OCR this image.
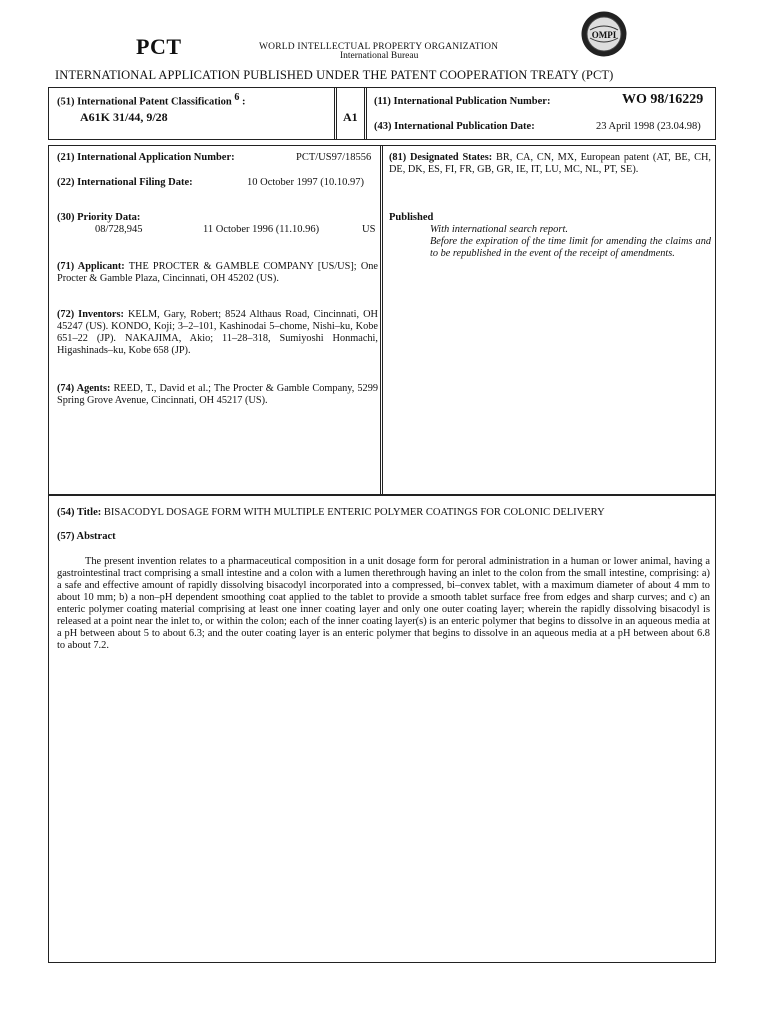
PCT	WORLD INTELLECTUAL PROPERTY ORGANIZATION
International Bureau
OMPI
INTERNATIONAL APPLICATION PUBLISHED UNDER THE PATENT COOPERATION TREATY (PCT)
(51) International Patent Classification $^6$ :
A61K 31/44, 9/28	A1
(11) International Publication Number:	WO 98/16229
(43) International Publication Date:	23 April 1998 (23.04.98)
(21) International Application Number:	PCT/US97/18556
(22) International Filing Date:	10 October 1997 (10.10.97)
(30) Priority Data:
08/728,945	11 October 1996 (11.10.96)	US
(71) Applicant: THE PROCTER & GAMBLE COMPANY [US/US]; One Procter & Gamble Plaza, Cincinnati, OH 45202 (US).
(72) Inventors: KELM, Gary, Robert; 8524 Althaus Road, Cincinnati, OH 45247 (US). KONDO, Koji; 3–2–101, Kashinodai 5–chome, Nishi–ku, Kobe 651–22 (JP). NAKAJIMA, Akio; 11–28–318, Sumiyoshi Honmachi, Higashinads–ku, Kobe 658 (JP).
(74) Agents: REED, T., David et al.; The Procter & Gamble Company, 5299 Spring Grove Avenue, Cincinnati, OH 45217 (US).
(81) Designated States: BR, CA, CN, MX, European patent (AT, BE, CH, DE, DK, ES, FI, FR, GB, GR, IE, IT, LU, MC, NL, PT, SE).
Published
With international search report.
Before the expiration of the time limit for amending the claims and to be republished in the event of the receipt of amendments.
(54) Title: BISACODYL DOSAGE FORM WITH MULTIPLE ENTERIC POLYMER COATINGS FOR COLONIC DELIVERY
(57) Abstract
The present invention relates to a pharmaceutical composition in a unit dosage form for peroral administration in a human or lower animal, having a gastrointestinal tract comprising a small intestine and a colon with a lumen therethrough having an inlet to the colon from the small intestine, comprising: a) a safe and effective amount of rapidly dissolving bisacodyl incorporated into a compressed, bi–convex tablet, with a maximum diameter of about 4 mm to about 10 mm; b) a non–pH dependent smoothing coat applied to the tablet to provide a smooth tablet surface free from edges and sharp curves; and c) an enteric polymer coating material comprising at least one inner coating layer and only one outer coating layer; wherein the rapidly dissolving bisacodyl is released at a point near the inlet to, or within the colon; each of the inner coating layer(s) is an enteric polymer that begins to dissolve in an aqueous media at a pH between about 5 to about 6.3; and the outer coating layer is an enteric polymer that begins to dissolve in an aqueous media at a pH between about 6.8 to about 7.2.
